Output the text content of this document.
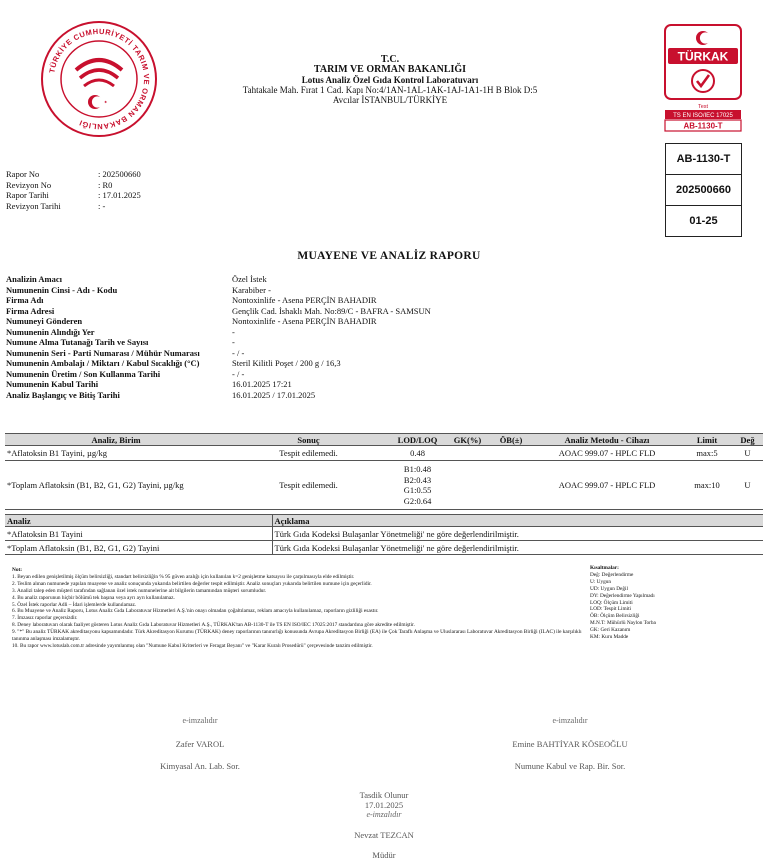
TÜRKİYE CUMHURİYETİ TARIM VE ORMAN BAKANLIĞI
T.C.
TARIM VE ORMAN BAKANLIĞI
Lotus Analiz Özel Gıda Kontrol Laboratuvarı
Tahtakale Mah. Fırat 1 Cad. Kapı No:4/1AN-1AL-1AK-1AJ-1A1-1H B Blok D:5
Avcılar İSTANBUL/TÜRKİYE
TÜRKAK
Test
TS EN ISO/IEC 17025
AB-1130-T
AB-1130-T
202500660
01-25
Rapor No	: 202500660
Revizyon No	: R0
Rapor Tarihi	: 17.01.2025
Revizyon Tarihi	: -
MUAYENE VE ANALİZ RAPORU
Analizin Amacı	Özel İstek
Numunenin Cinsi - Adı - Kodu	Karabiber -
Firma Adı	Nontoxinlife - Asena PERÇİN BAHADIR
Firma Adresi	Gençlik Cad. İshaklı Mah. No:89/C - BAFRA - SAMSUN
Numuneyi Gönderen	Nontoxinlife - Asena PERÇİN BAHADIR
Numunenin Alındığı Yer	-
Numune Alma Tutanağı Tarih ve Sayısı	-
Numunenin Seri - Parti Numarası / Mühür Numarası	- / -
Numunenin Ambalajı / Miktarı / Kabul Sıcaklığı (°C)	Steril Kilitli Poşet / 200 g / 16,3
Numunenin Üretim / Son Kullanma Tarihi	- / -
Numunenin Kabul Tarihi	16.01.2025 17:21
Analiz Başlangıç ve Bitiş Tarihi	16.01.2025 / 17.01.2025
Analiz, Birim	Sonuç	LOD/LOQ	GK(%)	ÖB(±)	Analiz Metodu - Cihazı	Limit	Değ
*Aflatoksin B1 Tayini, µg/kg	Tespit edilemedi.	0.48			AOAC 999.07 - HPLC FLD	max:5	U
*Toplam Aflatoksin (B1, B2, G1, G2) Tayini, µg/kg	Tespit edilemedi.	B1:0.48
B2:0.43
G1:0.55
G2:0.64			AOAC 999.07 - HPLC FLD	max:10	U
Analiz	Açıklama
*Aflatoksin B1 Tayini	Türk Gıda Kodeksi Bulaşanlar Yönetmeliği' ne göre değerlendirilmiştir.
*Toplam Aflatoksin (B1, B2, G1, G2) Tayini	Türk Gıda Kodeksi Bulaşanlar Yönetmeliği' ne göre değerlendirilmiştir.
Not:
1. Beyan edilen genişletilmiş ölçüm belirsizliği, standart belirsizliğin % 95 güven aralığı için kullanılan k=2 genişletme katsayısı ile çarpılmasıyla elde edilmiştir.
2. Teslim alınan numunede yapılan muayene ve analiz sonuçunda yukarıda belirtilen değerler tespit edilmiştir. Analiz sonuçları yukarıda belirtilen numune için geçerlidir.
3. Analizi talep eden müşteri tarafından sağlanan özel istek numunelerine ait bilgilerin tamamından müşteri sorumludur.
4. Bu analiz raporunun hiçbir bölümü tek başına veya ayrı ayrı kullanılamaz.
5. Özel İstek raporlar Adli – İdari işlemlerde kullanılamaz.
6. Bu Muayene ve Analiz Raporu, Lotus Analiz Gıda Laboratuvar Hizmetleri A.Ş.'nin onayı olmadan çoğaltılamaz, reklam amacıyla kullanılamaz, raporların gizliliği esastır.
7. İmzasız raporlar geçersizdir.
8. Deney laboratuvarı olarak faaliyet gösteren Lotus Analiz Gıda Laboratuvar Hizmetleri A.Ş., TÜRKAK'tan AB-1130-T ile TS EN ISO/IEC 17025:2017 standardına göre akredite edilmiştir.
9. "*" Bu analiz TÜRKAK akreditasyonu kapsamındadır. Türk Akreditasyon Kurumu (TÜRKAK) deney raporlarının tanınırlığı konusunda Avrupa Akreditasyon Birliği (EA) ile Çok Taraflı Anlaşma ve Uluslararası Laboratuvar Akreditasyon Birliği (ILAC) ile karşılıklı tanınma anlaşması imzalamıştır.
10. Bu rapor www.lotuslab.com.tr adresinde yayımlanmış olan "Numune Kabul Kriterleri ve Feragat Beyanı" ve "Karar Kuralı Prosedürü" çerçevesinde tanzim edilmiştir.
Kısaltmalar:
Değ: Değerlendirme
U: Uygun
UD: Uygun Değil
DY: Değerlendirme Yapılmadı
LOQ: Ölçüm Limiti
LOD: Tespit Limiti
ÖB: Ölçüm Belirsizliği
M.N.T: Mühürlü Naylon Torba
GK: Geri Kazanım
KM: Kuru Madde
e-imzalıdır
Zafer VAROL
Kimyasal An. Lab. Sor.
e-imzalıdır
Emine BAHTİYAR KÖSEOĞLU
Numune Kabul ve Rap. Bir. Sor.
Tasdik Olunur
17.01.2025
e-imzalıdır
Nevzat TEZCAN
Müdür
